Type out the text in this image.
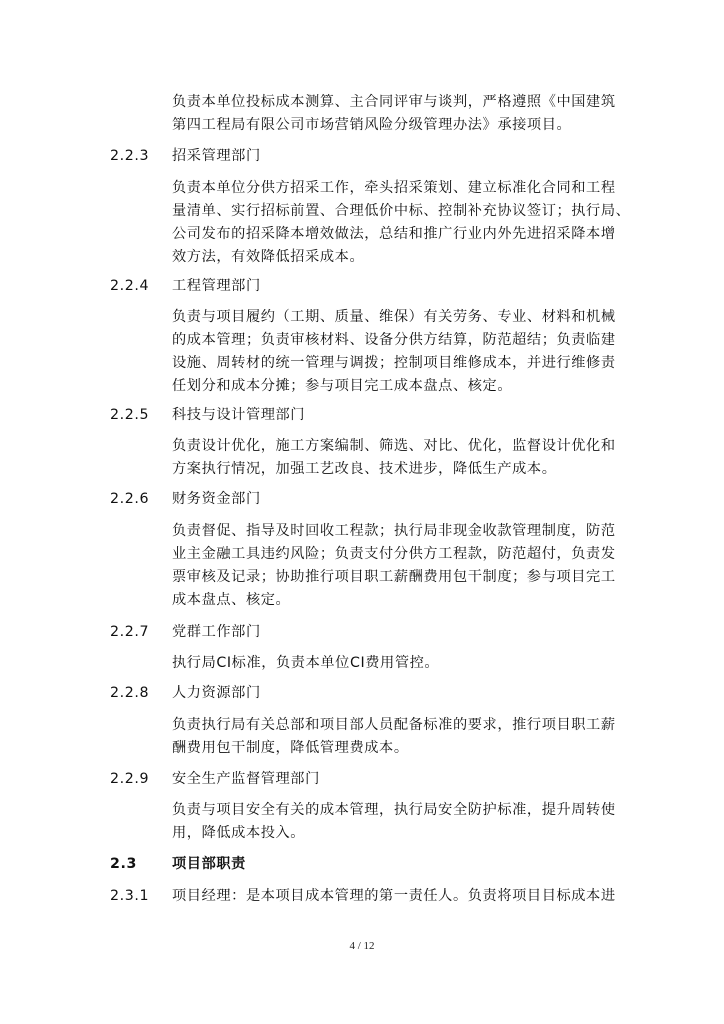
负责本单位投标成本测算、主合同评审与谈判，严格遵照《中国建筑
第四工程局有限公司市场营销风险分级管理办法》承接项目。

2.2.3 招采管理部门

负责本单位分供方招采工作，牵头招采策划、建立标准化合同和工程
量清单、实行招标前置、合理低价中标、控制补充协议签订；执行局、
公司发布的招采降本增效做法，总结和推广行业内外先进招采降本增
效方法，有效降低招采成本。

2.2.4 工程管理部门

负责与项目履约（工期、质量、维保）有关劳务、专业、材料和机械
的成本管理；负责审核材料、设备分供方结算，防范超结；负责临建
设施、周转材的统一管理与调拨；控制项目维修成本，并进行维修责
任划分和成本分摊；参与项目完工成本盘点、核定。

2.2.5 科技与设计管理部门

负责设计优化，施工方案编制、筛选、对比、优化，监督设计优化和
方案执行情况，加强工艺改良、技术进步，降低生产成本。

2.2.6 财务资金部门

负责督促、指导及时回收工程款；执行局非现金收款管理制度，防范
业主金融工具违约风险；负责支付分供方工程款，防范超付，负责发
票审核及记录；协助推行项目职工薪酬费用包干制度；参与项目完工
成本盘点、核定。

2.2.7 党群工作部门

执行局CI标准，负责本单位CI费用管控。

2.2.8 人力资源部门

负责执行局有关总部和项目部人员配备标准的要求，推行项目职工薪
酬费用包干制度，降低管理费成本。

2.2.9 安全生产监督管理部门

负责与项目安全有关的成本管理，执行局安全防护标准，提升周转使
用，降低成本投入。

2.3 项目部职责
2.3.1 项目经理：是本项目成本管理的第一责任人。负责将项目目标成本进
4 / 12
